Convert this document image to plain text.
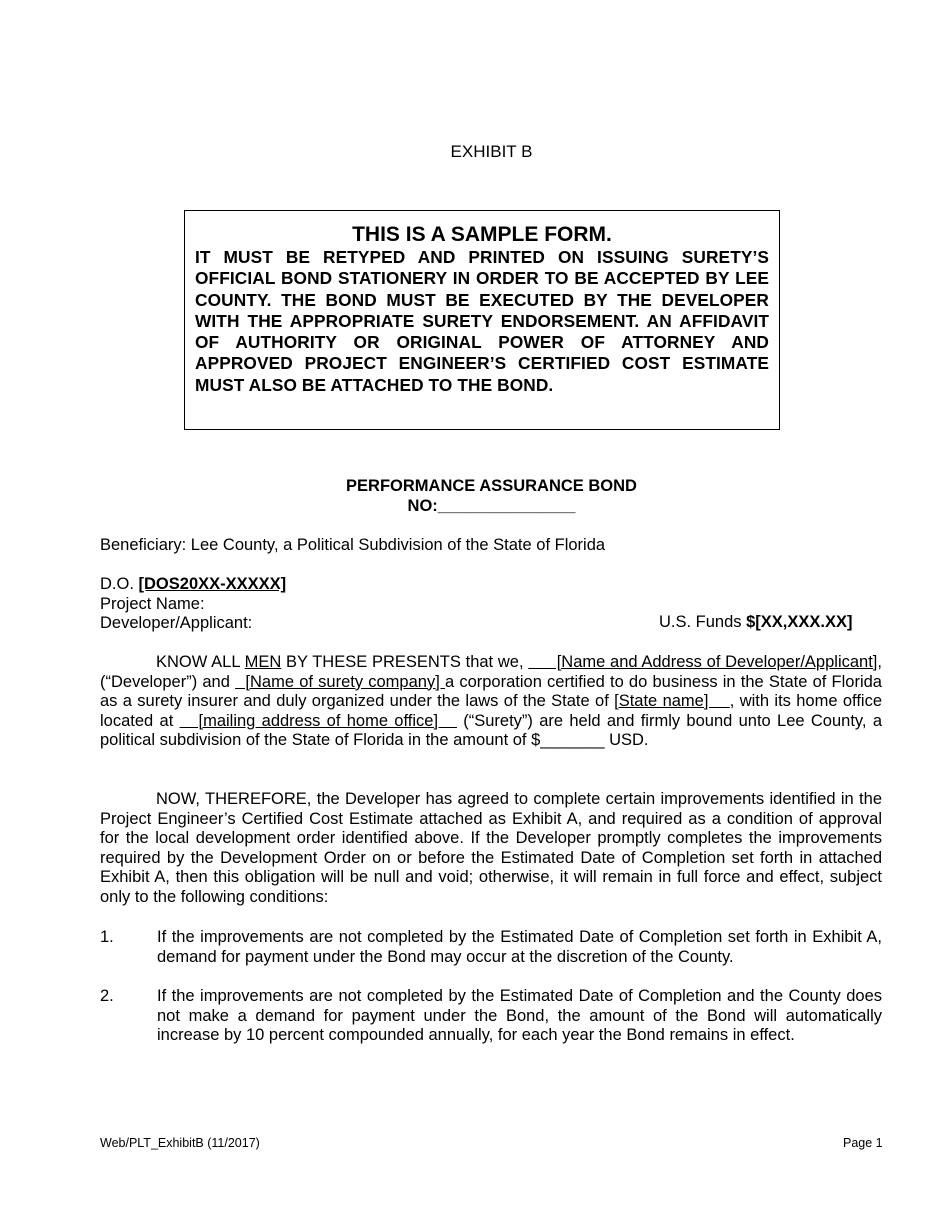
EXHIBIT B
THIS IS A SAMPLE FORM.
IT MUST BE RETYPED AND PRINTED ON ISSUING SURETY’S OFFICIAL BOND STATIONERY IN ORDER TO BE ACCEPTED BY LEE COUNTY. THE BOND MUST BE EXECUTED BY THE DEVELOPER WITH THE APPROPRIATE SURETY ENDORSEMENT. AN AFFIDAVIT OF AUTHORITY OR ORIGINAL POWER OF ATTORNEY AND APPROVED PROJECT ENGINEER’S CERTIFIED COST ESTIMATE MUST ALSO BE ATTACHED TO THE BOND.
PERFORMANCE ASSURANCE BOND
NO:_______________
Beneficiary: Lee County, a Political Subdivision of the State of Florida
D.O. [DOS20XX-XXXXX]
Project Name:
Developer/Applicant:	U.S. Funds $[XX,XXX.XX]
KNOW ALL MEN BY THESE PRESENTS that we,       [Name and Address of Developer/Applicant], (“Developer”) and   [Name of surety company] a corporation certified to do business in the State of Florida as a surety insurer and duly organized under the laws of the State of [State name]    , with its home office located at    [mailing address of home office]    (“Surety”) are held and firmly bound unto Lee County, a political subdivision of the State of Florida in the amount of $_______ USD.
NOW, THEREFORE, the Developer has agreed to complete certain improvements identified in the Project Engineer’s Certified Cost Estimate attached as Exhibit A, and required as a condition of approval for the local development order identified above. If the Developer promptly completes the improvements required by the Development Order on or before the Estimated Date of Completion set forth in attached Exhibit A, then this obligation will be null and void; otherwise, it will remain in full force and effect, subject only to the following conditions:
1.	If the improvements are not completed by the Estimated Date of Completion set forth in Exhibit A, demand for payment under the Bond may occur at the discretion of the County.
2.	If the improvements are not completed by the Estimated Date of Completion and the County does not make a demand for payment under the Bond, the amount of the Bond will automatically increase by 10 percent compounded annually, for each year the Bond remains in effect.
Web/PLT_ExhibitB (11/2017)	Page 1
